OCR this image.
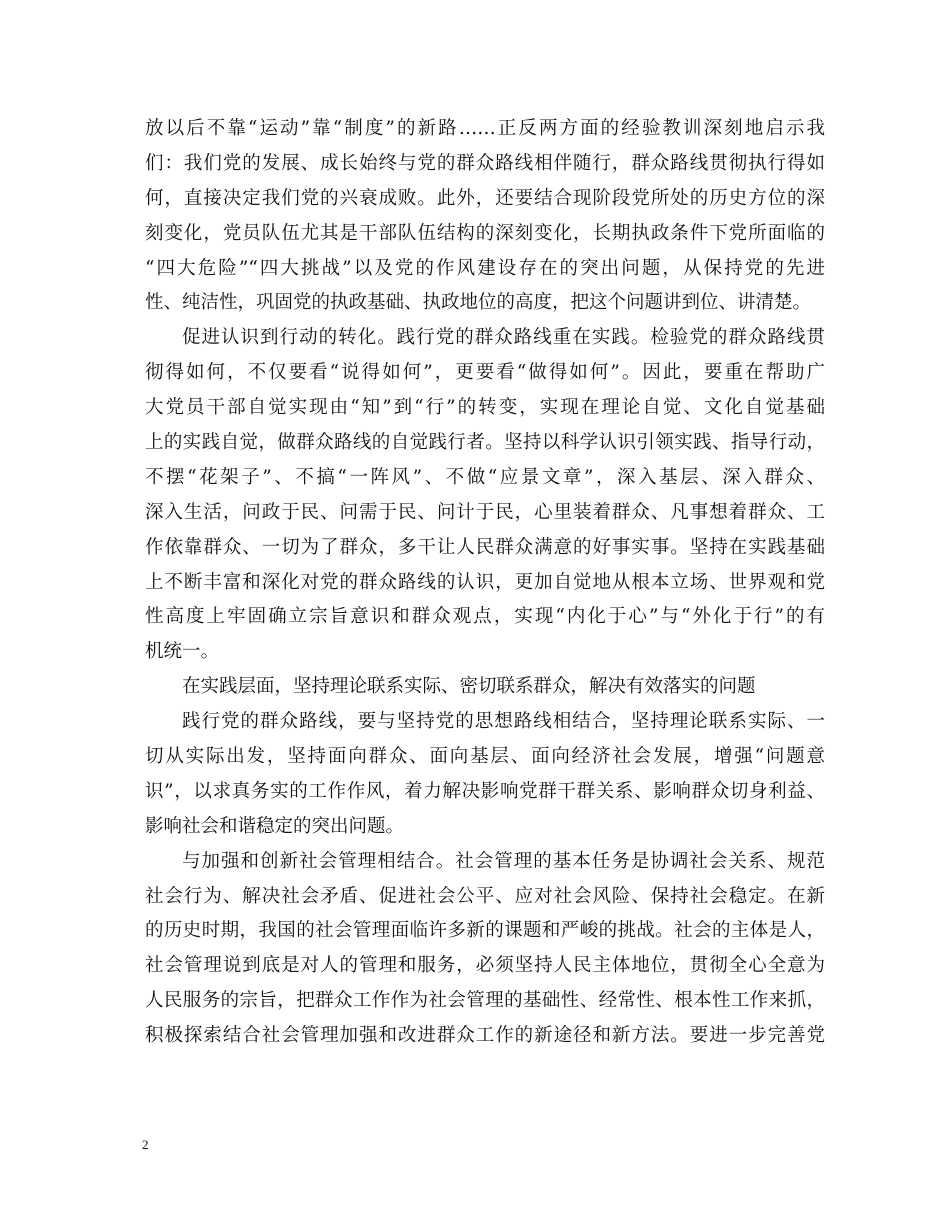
放以后不靠“运动”靠“制度”的新路……正反两方面的经验教训深刻地启示我
们：我们党的发展、成长始终与党的群众路线相伴随行，群众路线贯彻执行得如
何，直接决定我们党的兴衰成败。此外，还要结合现阶段党所处的历史方位的深
刻变化，党员队伍尤其是干部队伍结构的深刻变化，长期执政条件下党所面临的
“四大危险”“四大挑战”以及党的作风建设存在的突出问题，从保持党的先进
性、纯洁性，巩固党的执政基础、执政地位的高度，把这个问题讲到位、讲清楚。
促进认识到行动的转化。践行党的群众路线重在实践。检验党的群众路线贯
彻得如何，不仅要看“说得如何”，更要看“做得如何”。因此，要重在帮助广
大党员干部自觉实现由“知”到“行”的转变，实现在理论自觉、文化自觉基础
上的实践自觉，做群众路线的自觉践行者。坚持以科学认识引领实践、指导行动，
不摆“花架子”、不搞“一阵风”、不做“应景文章”，深入基层、深入群众、
深入生活，问政于民、问需于民、问计于民，心里装着群众、凡事想着群众、工
作依靠群众、一切为了群众，多干让人民群众满意的好事实事。坚持在实践基础
上不断丰富和深化对党的群众路线的认识，更加自觉地从根本立场、世界观和党
性高度上牢固确立宗旨意识和群众观点，实现“内化于心”与“外化于行”的有
机统一。
在实践层面，坚持理论联系实际、密切联系群众，解决有效落实的问题
践行党的群众路线，要与坚持党的思想路线相结合，坚持理论联系实际、一
切从实际出发，坚持面向群众、面向基层、面向经济社会发展，增强“问题意
识”，以求真务实的工作作风，着力解决影响党群干群关系、影响群众切身利益、
影响社会和谐稳定的突出问题。
与加强和创新社会管理相结合。社会管理的基本任务是协调社会关系、规范
社会行为、解决社会矛盾、促进社会公平、应对社会风险、保持社会稳定。在新
的历史时期，我国的社会管理面临许多新的课题和严峻的挑战。社会的主体是人，
社会管理说到底是对人的管理和服务，必须坚持人民主体地位，贯彻全心全意为
人民服务的宗旨，把群众工作作为社会管理的基础性、经常性、根本性工作来抓，
积极探索结合社会管理加强和改进群众工作的新途径和新方法。要进一步完善党
2
